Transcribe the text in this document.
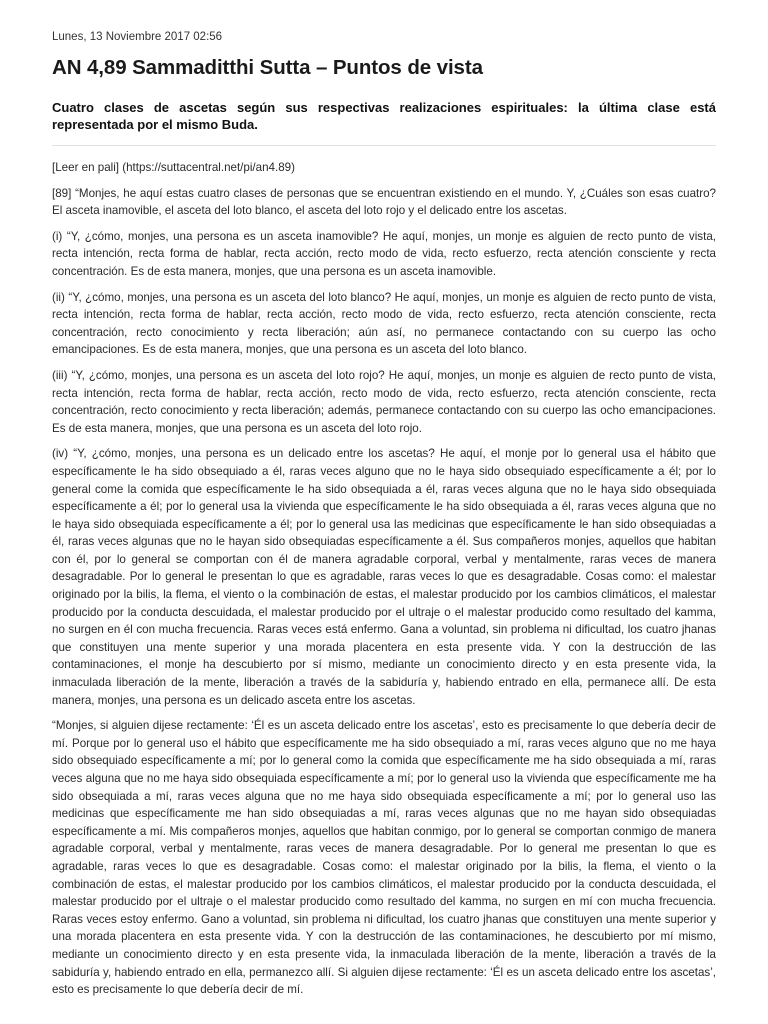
Lunes, 13 Noviembre 2017 02:56

AN 4,89 Sammaditthi Sutta – Puntos de vista

Cuatro clases de ascetas según sus respectivas realizaciones espirituales: la última clase está representada por el mismo Buda.

[Leer en pali] (https://suttacentral.net/pi/an4.89)

[89] “Monjes, he aquí estas cuatro clases de personas que se encuentran existiendo en el mundo. Y, ¿Cuáles son esas cuatro? El asceta inamovible, el asceta del loto blanco, el asceta del loto rojo y el delicado entre los ascetas.

(i) “Y, ¿cómo, monjes, una persona es un asceta inamovible? He aquí, monjes, un monje es alguien de recto punto de vista, recta intención, recta forma de hablar, recta acción, recto modo de vida, recto esfuerzo, recta atención consciente y recta concentración. Es de esta manera, monjes, que una persona es un asceta inamovible.

(ii) “Y, ¿cómo, monjes, una persona es un asceta del loto blanco? He aquí, monjes, un monje es alguien de recto punto de vista, recta intención, recta forma de hablar, recta acción, recto modo de vida, recto esfuerzo, recta atención consciente, recta concentración, recto conocimiento y recta liberación; aún así, no permanece contactando con su cuerpo las ocho emancipaciones. Es de esta manera, monjes, que una persona es un asceta del loto blanco.

(iii) “Y, ¿cómo, monjes, una persona es un asceta del loto rojo? He aquí, monjes, un monje es alguien de recto punto de vista, recta intención, recta forma de hablar, recta acción, recto modo de vida, recto esfuerzo, recta atención consciente, recta concentración, recto conocimiento y recta liberación; además, permanece contactando con su cuerpo las ocho emancipaciones. Es de esta manera, monjes, que una persona es un asceta del loto rojo.

(iv) “Y, ¿cómo, monjes, una persona es un delicado entre los ascetas? He aquí, el monje por lo general usa el hábito que específicamente le ha sido obsequiado a él, raras veces alguno que no le haya sido obsequiado específicamente a él; por lo general come la comida que específicamente le ha sido obsequiada a él, raras veces alguna que no le haya sido obsequiada específicamente a él; por lo general usa la vivienda que específicamente le ha sido obsequiada a él, raras veces alguna que no le haya sido obsequiada específicamente a él; por lo general usa las medicinas que específicamente le han sido obsequiadas a él, raras veces algunas que no le hayan sido obsequiadas específicamente a él. Sus compañeros monjes, aquellos que habitan con él, por lo general se comportan con él de manera agradable corporal, verbal y mentalmente, raras veces de manera desagradable. Por lo general le presentan lo que es agradable, raras veces lo que es desagradable. Cosas como: el malestar originado por la bilis, la flema, el viento o la combinación de estas, el malestar producido por los cambios climáticos, el malestar producido por la conducta descuidada, el malestar producido por el ultraje o el malestar producido como resultado del kamma, no surgen en él con mucha frecuencia. Raras veces está enfermo. Gana a voluntad, sin problema ni dificultad, los cuatro jhanas que constituyen una mente superior y una morada placentera en esta presente vida. Y con la destrucción de las contaminaciones, el monje ha descubierto por sí mismo, mediante un conocimiento directo y en esta presente vida, la inmaculada liberación de la mente, liberación a través de la sabiduría y, habiendo entrado en ella, permanece allí. De esta manera, monjes, una persona es un delicado asceta entre los ascetas.

“Monjes, si alguien dijese rectamente: ‘Él es un asceta delicado entre los ascetas’, esto es precisamente lo que debería decir de mí. Porque por lo general uso el hábito que específicamente me ha sido obsequiado a mí, raras veces alguno que no me haya sido obsequiado específicamente a mí; por lo general como la comida que específicamente me ha sido obsequiada a mí, raras veces alguna que no me haya sido obsequiada específicamente a mí; por lo general uso la vivienda que específicamente me ha sido obsequiada a mí, raras veces alguna que no me haya sido obsequiada específicamente a mí; por lo general uso las medicinas que específicamente me han sido obsequiadas a mí, raras veces algunas que no me hayan sido obsequiadas específicamente a mí. Mis compañeros monjes, aquellos que habitan conmigo, por lo general se comportan conmigo de manera agradable corporal, verbal y mentalmente, raras veces de manera desagradable. Por lo general me presentan lo que es agradable, raras veces lo que es desagradable. Cosas como: el malestar originado por la bilis, la flema, el viento o la combinación de estas, el malestar producido por los cambios climáticos, el malestar producido por la conducta descuidada, el malestar producido por el ultraje o el malestar producido como resultado del kamma, no surgen en mí con mucha frecuencia. Raras veces estoy enfermo. Gano a voluntad, sin problema ni dificultad, los cuatro jhanas que constituyen una mente superior y una morada placentera en esta presente vida. Y con la destrucción de las contaminaciones, he descubierto por mí mismo, mediante un conocimiento directo y en esta presente vida, la inmaculada liberación de la mente, liberación a través de la sabiduría y, habiendo entrado en ella, permanezco allí. Si alguien dijese rectamente: ‘Él es un asceta delicado entre los ascetas’, esto es precisamente lo que debería decir de mí.
